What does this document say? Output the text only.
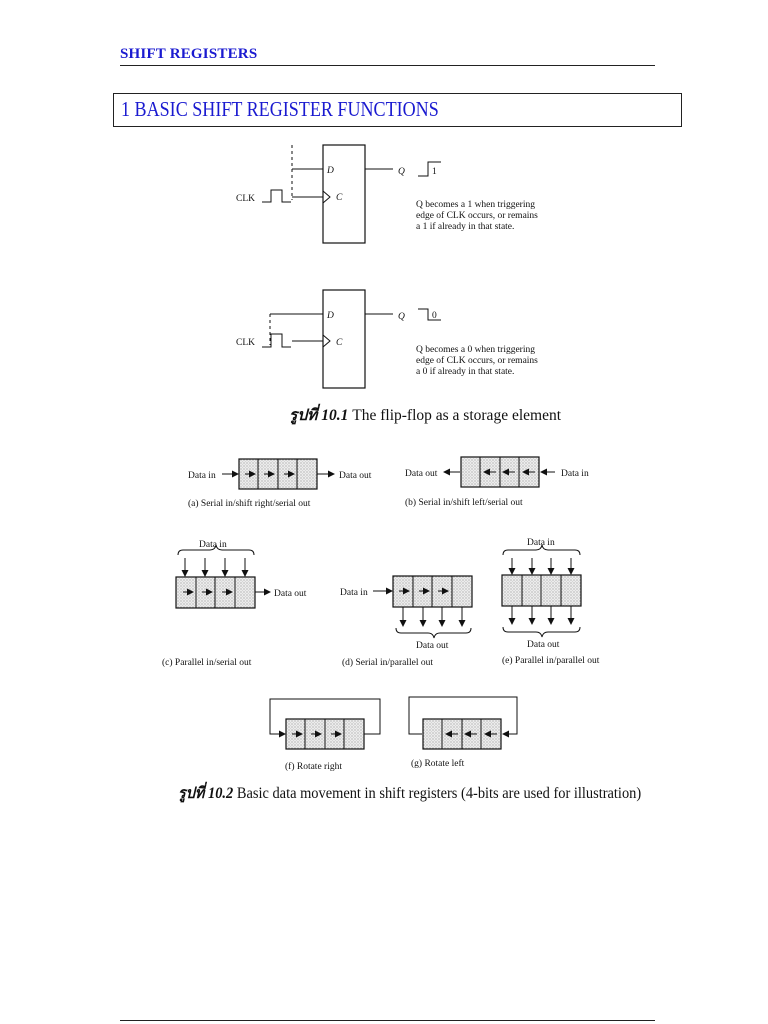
SHIFT REGISTERS
1 BASIC SHIFT REGISTER FUNCTIONS
D
C
Q
CLK
1
Q becomes a 1 when triggering
edge of CLK occurs, or remains
a 1 if already in that state.
D
C
Q
CLK
0
Q becomes a 0 when triggering
edge of CLK occurs, or remains
a 0 if already in that state.
Data in	Data out
(a) Serial in/shift right/serial out
Data out	Data in
(b) Serial in/shift left/serial out
Data in
Data out
(c) Parallel in/serial out
Data in
Data out
(d) Serial in/parallel out
Data in
Data out
(e) Parallel in/parallel out
(f) Rotate right	(g) Rotate left
รูปที่ 10.1 The flip-flop as a storage element
รูปที่ 10.2 Basic data movement in shift registers (4-bits are used for illustration)
